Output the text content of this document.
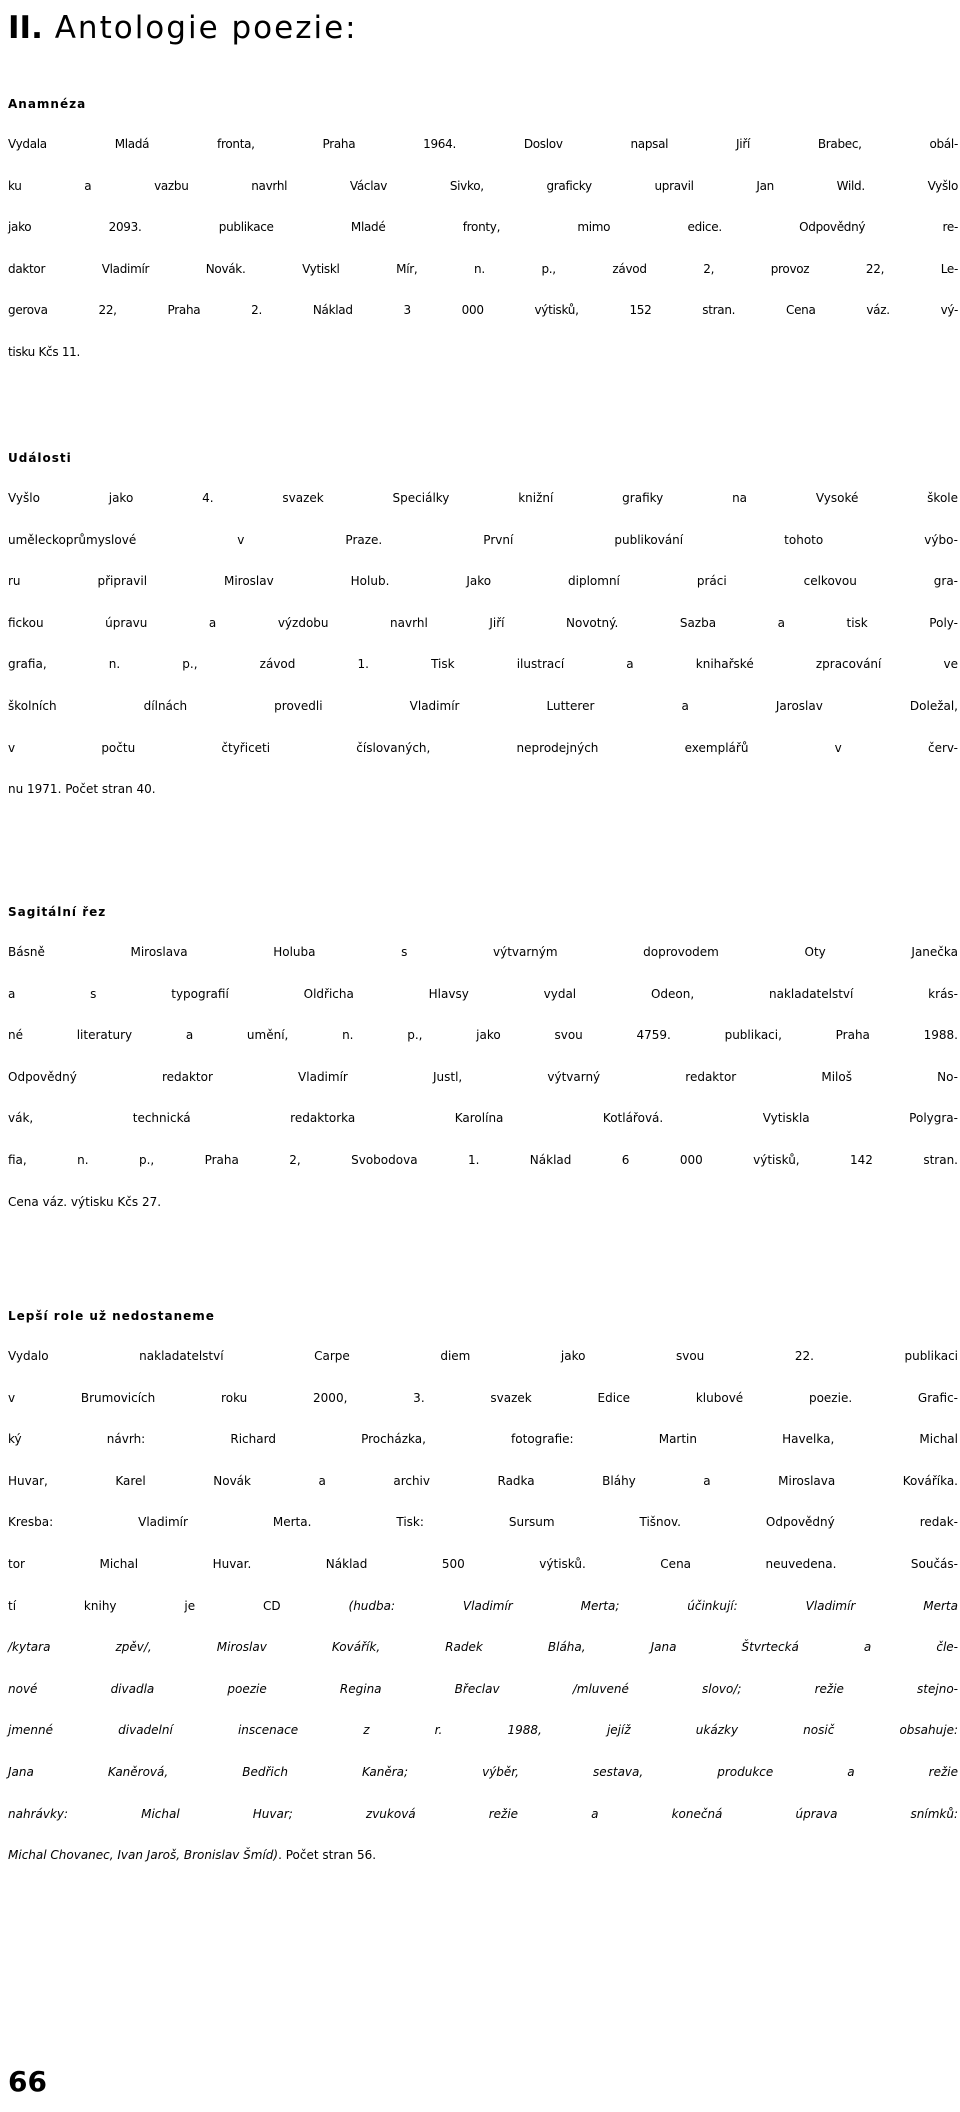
II. Antologie poezie:
Anamnéza
Vydala Mladá fronta, Praha 1964. Doslov napsal Jiří Brabec, obál-
ku a vazbu navrhl Václav Sivko, graficky upravil Jan Wild. Vyšlo
jako 2093. publikace Mladé fronty, mimo edice. Odpovědný re-
daktor Vladimír Novák. Vytiskl Mír, n. p., závod 2, provoz 22, Le-
gerova 22, Praha 2. Náklad 3 000 výtisků, 152 stran. Cena váz. vý-
tisku Kčs 11.
Události
Vyšlo jako 4. svazek Speciálky knižní grafiky na Vysoké škole
uměleckoprůmyslové v Praze. První publikování tohoto výbo-
ru připravil Miroslav Holub. Jako diplomní práci celkovou gra-
fickou úpravu a výzdobu navrhl Jiří Novotný. Sazba a tisk Poly-
grafia, n. p., závod 1. Tisk ilustrací a knihařské zpracování ve
školních dílnách provedli Vladimír Lutterer a Jaroslav Doležal,
v počtu čtyřiceti číslovaných, neprodejných exemplářů v červ-
nu 1971. Počet stran 40.
Sagitální řez
Básně Miroslava Holuba s výtvarným doprovodem Oty Janečka
a s typografií Oldřicha Hlavsy vydal Odeon, nakladatelství krás-
né literatury a umění, n. p., jako svou 4759. publikaci, Praha 1988.
Odpovědný redaktor Vladimír Justl, výtvarný redaktor Miloš No-
vák, technická redaktorka Karolína Kotlářová. Vytiskla Polygra-
fia, n. p., Praha 2, Svobodova 1. Náklad 6 000 výtisků, 142 stran.
Cena váz. výtisku Kčs 27.
Lepší role už nedostaneme
Vydalo nakladatelství Carpe diem jako svou 22. publikaci
v Brumovicích roku 2000, 3. svazek Edice klubové poezie. Grafic-
ký návrh: Richard Procházka, fotografie: Martin Havelka, Michal
Huvar, Karel Novák a archiv Radka Bláhy a Miroslava Kováříka.
Kresba: Vladimír Merta. Tisk: Sursum Tišnov. Odpovědný redak-
tor Michal Huvar. Náklad 500 výtisků. Cena neuvedena. Součás-
tí knihy je CD (hudba: Vladimír Merta; účinkují: Vladimír Merta
/kytara zpěv/, Miroslav Kovářík, Radek Bláha, Jana Štvrtecká a čle-
nové divadla poezie Regina Břeclav /mluvené slovo/; režie stejno-
jmenné divadelní inscenace z r. 1988, jejíž ukázky nosič obsahuje:
Jana Kaněrová, Bedřich Kaněra; výběr, sestava, produkce a režie
nahrávky: Michal Huvar; zvuková režie a konečná úprava snímků:
Michal Chovanec, Ivan Jaroš, Bronislav Šmíd). Počet stran 56.
66
